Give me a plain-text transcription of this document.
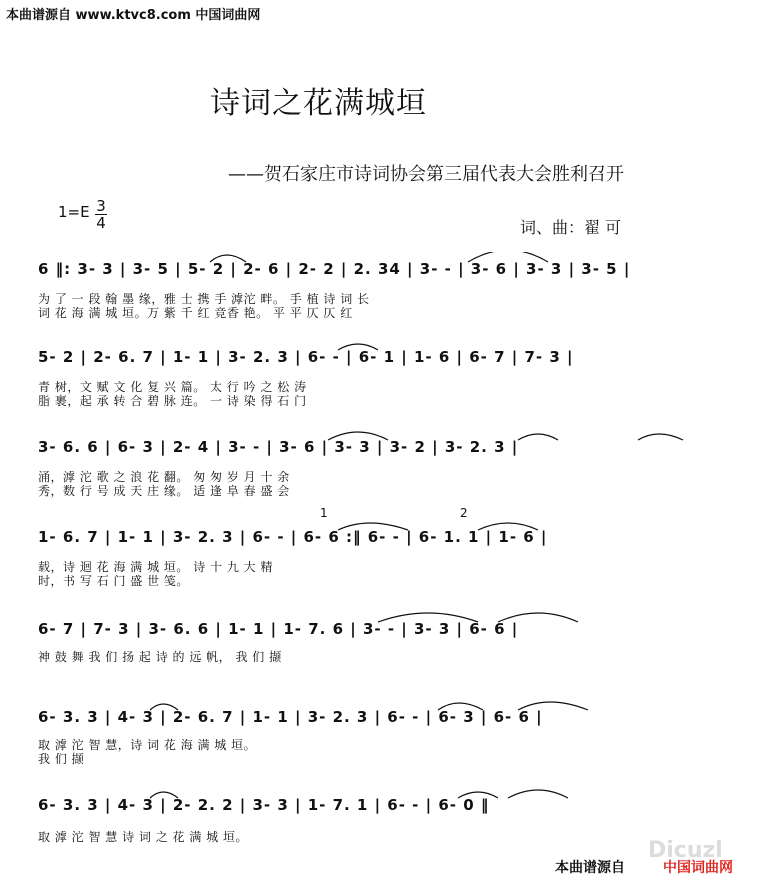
本曲谱源自 www.ktvc8.com 中国词曲网
诗词之花满城垣
——贺石家庄市诗词协会第三届代表大会胜利召开
$1=E \frac{3}{4}$	词、曲：翟 可
6 ‖: 3- 3 | 3- 5 | 5- 2 | 2- 6 | 2- 2 | 2. 34 | 3- - | 3- 6 | 3- 3 | 3- 5 |
为 了 一 段 翰 墨 缘，雅 士 携 手 滹沱 畔。 手 植 诗 词 长
词 花 海 满 城 垣。万 紫 千 红 竞香 艳。 平 平 仄 仄 红
5- 2 | 2- 6. 7 | 1- 1 | 3- 2. 3 | 6- - | 6- 1 | 1- 6 | 6- 7 | 7- 3 |
青 树，文 赋 文 化 复 兴 篇。 太 行 吟 之 松 涛
脂 裹，起 承 转 合 碧 脉 连。 一 诗 染 得 石 门
3- 6. 6 | 6- 3 | 2- 4 | 3- - | 3- 6 | 3- 3 | 3- 2 | 3- 2. 3 |
涌，滹 沱 歌 之 浪 花 翻。 匆 匆 岁 月 十 余
秀，数 行 号 成 天 庄 缘。 适 逢 阜 春 盛 会
1	2
1- 6. 7 | 1- 1 | 3- 2. 3 | 6- - | 6- 6 :‖ 6- - | 6- 1. 1 | 1- 6 |
载，诗 迴 花 海 满 城 垣。 诗 十 九 大 精
时，书 写 石 门 盛 世 笺。
6- 7 | 7- 3 | 3- 6. 6 | 1- 1 | 1- 7. 6 | 3- - | 3- 3 | 6- 6 |
神 鼓 舞 我 们 扬 起 诗 的 远 帆， 我 们 撷
6- 3. 3 | 4- 3 | 2- 6. 7 | 1- 1 | 3- 2. 3 | 6- - | 6- 3 | 6- 6 |
取 滹 沱 智 慧，诗 词 花 海 满 城 垣。
我 们 撷
6- 3. 3 | 4- 3 | 2- 2. 2 | 3- 3 | 1- 7. 1 | 6- - | 6- 0 ‖
取 滹 沱 智 慧 诗 词 之 花 满 城 垣。
Dicuzl
本曲谱源自	中国词曲网
